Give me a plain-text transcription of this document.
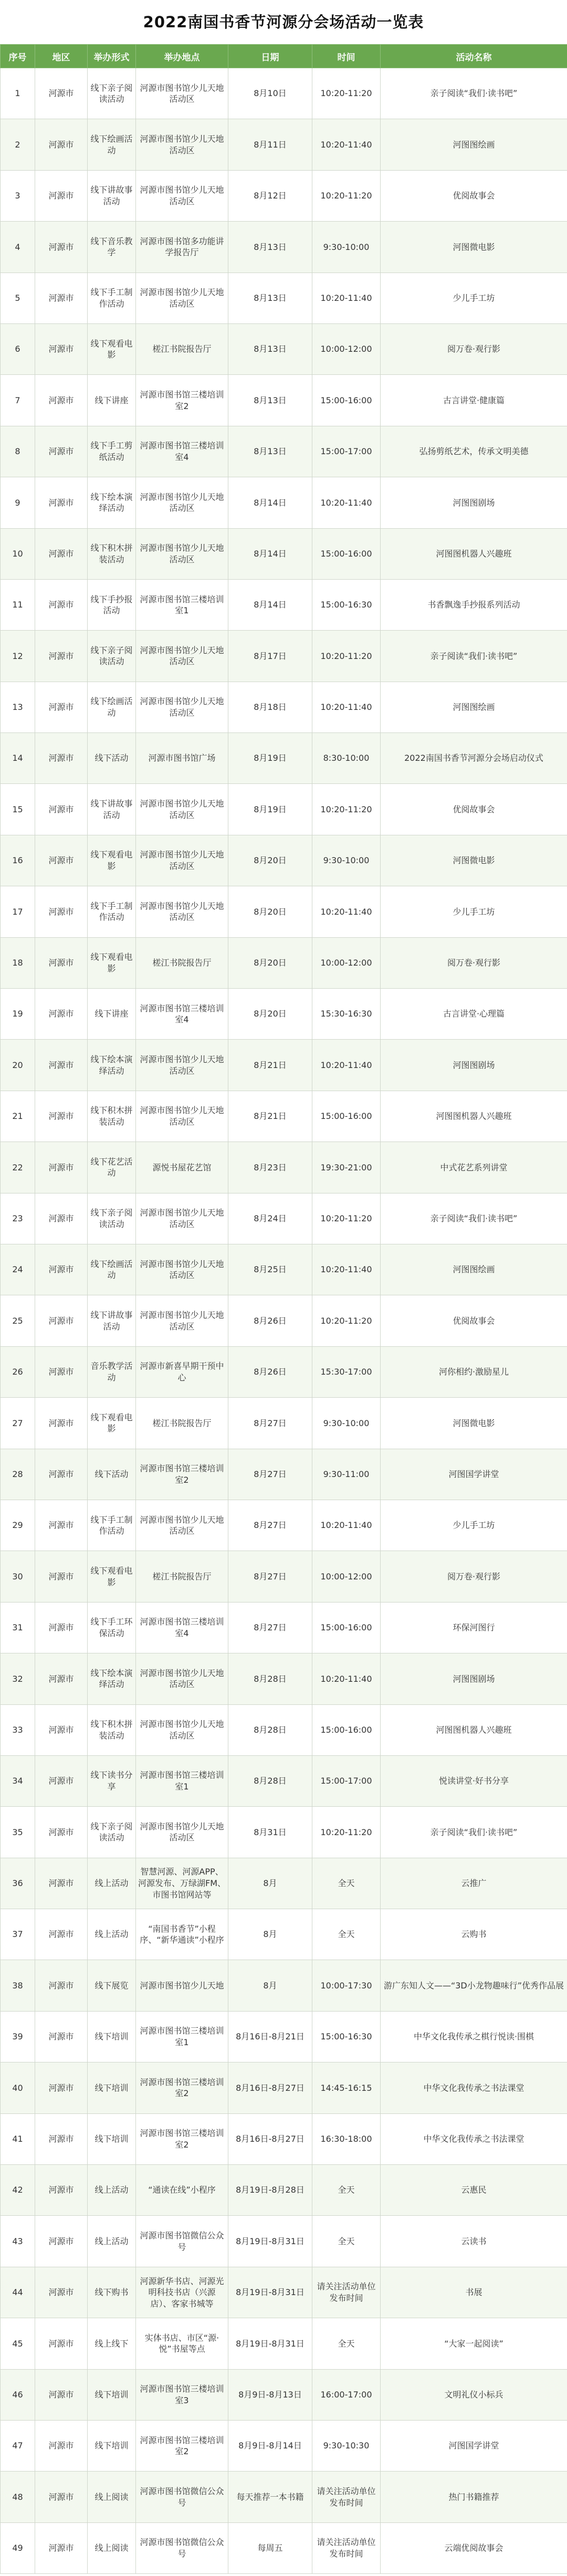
2022南国书香节河源分会场活动一览表
序号	地区	举办形式	举办地点	日期	时间	活动名称
1	河源市	线下亲子阅读活动	河源市图书馆少儿天地活动区	8月10日	10:20-11:20	亲子阅读“我们·读书吧”
2	河源市	线下绘画活动	河源市图书馆少儿天地活动区	8月11日	10:20-11:40	河图图绘画
3	河源市	线下讲故事活动	河源市图书馆少儿天地活动区	8月12日	10:20-11:20	优阅故事会
4	河源市	线下音乐教学	河源市图书馆多功能讲学报告厅	8月13日	9:30-10:00	河图微电影
5	河源市	线下手工制作活动	河源市图书馆少儿天地活动区	8月13日	10:20-11:40	少儿手工坊
6	河源市	线下观看电影	槎江书院报告厅	8月13日	10:00-12:00	阅万卷·观行影
7	河源市	线下讲座	河源市图书馆三楼培训室2	8月13日	15:00-16:00	古言讲堂·健康篇
8	河源市	线下手工剪纸活动	河源市图书馆三楼培训室4	8月13日	15:00-17:00	弘扬剪纸艺术，传承文明美德
9	河源市	线下绘本演绎活动	河源市图书馆少儿天地活动区	8月14日	10:20-11:40	河图图剧场
10	河源市	线下积木拼装活动	河源市图书馆少儿天地活动区	8月14日	15:00-16:00	河图图机器人兴趣班
11	河源市	线下手抄报活动	河源市图书馆三楼培训室1	8月14日	15:00-16:30	书香飘逸手抄报系列活动
12	河源市	线下亲子阅读活动	河源市图书馆少儿天地活动区	8月17日	10:20-11:20	亲子阅读“我们·读书吧”
13	河源市	线下绘画活动	河源市图书馆少儿天地活动区	8月18日	10:20-11:40	河图图绘画
14	河源市	线下活动	河源市图书馆广场	8月19日	8:30-10:00	2022南国书香节河源分会场启动仪式
15	河源市	线下讲故事活动	河源市图书馆少儿天地活动区	8月19日	10:20-11:20	优阅故事会
16	河源市	线下观看电影	河源市图书馆少儿天地活动区	8月20日	9:30-10:00	河图微电影
17	河源市	线下手工制作活动	河源市图书馆少儿天地活动区	8月20日	10:20-11:40	少儿手工坊
18	河源市	线下观看电影	槎江书院报告厅	8月20日	10:00-12:00	阅万卷·观行影
19	河源市	线下讲座	河源市图书馆三楼培训室4	8月20日	15:30-16:30	古言讲堂·心理篇
20	河源市	线下绘本演绎活动	河源市图书馆少儿天地活动区	8月21日	10:20-11:40	河图图剧场
21	河源市	线下积木拼装活动	河源市图书馆少儿天地活动区	8月21日	15:00-16:00	河图图机器人兴趣班
22	河源市	线下花艺活动	源悦书屋花艺馆	8月23日	19:30-21:00	中式花艺系列讲堂
23	河源市	线下亲子阅读活动	河源市图书馆少儿天地活动区	8月24日	10:20-11:20	亲子阅读“我们·读书吧”
24	河源市	线下绘画活动	河源市图书馆少儿天地活动区	8月25日	10:20-11:40	河图图绘画
25	河源市	线下讲故事活动	河源市图书馆少儿天地活动区	8月26日	10:20-11:20	优阅故事会
26	河源市	音乐教学活动	河源市新喜早期干预中心	8月26日	15:30-17:00	河你相约·激励星儿
27	河源市	线下观看电影	槎江书院报告厅	8月27日	9:30-10:00	河图微电影
28	河源市	线下活动	河源市图书馆三楼培训室2	8月27日	9:30-11:00	河图国学讲堂
29	河源市	线下手工制作活动	河源市图书馆少儿天地活动区	8月27日	10:20-11:40	少儿手工坊
30	河源市	线下观看电影	槎江书院报告厅	8月27日	10:00-12:00	阅万卷·观行影
31	河源市	线下手工环保活动	河源市图书馆三楼培训室4	8月27日	15:00-16:00	环保河图行
32	河源市	线下绘本演绎活动	河源市图书馆少儿天地活动区	8月28日	10:20-11:40	河图图剧场
33	河源市	线下积木拼装活动	河源市图书馆少儿天地活动区	8月28日	15:00-16:00	河图图机器人兴趣班
34	河源市	线下读书分享	河源市图书馆三楼培训室1	8月28日	15:00-17:00	悦读讲堂·好书分享
35	河源市	线下亲子阅读活动	河源市图书馆少儿天地活动区	8月31日	10:20-11:20	亲子阅读“我们·读书吧”
36	河源市	线上活动	智慧河源、河源APP、河源发布、万绿湖FM、市图书馆网站等	8月	全天	云推广
37	河源市	线上活动	“南国书香节”小程序、“新华通读”小程序	8月	全天	云购书
38	河源市	线下展览	河源市图书馆少儿天地	8月	10:00-17:30	游广东知人文——“3D小龙物趣味行”优秀作品展
39	河源市	线下培训	河源市图书馆三楼培训室1	8月16日-8月21日	15:00-16:30	中华文化我传承之棋行悦读·围棋
40	河源市	线下培训	河源市图书馆三楼培训室2	8月16日-8月27日	14:45-16:15	中华文化我传承之书法课堂
41	河源市	线下培训	河源市图书馆三楼培训室2	8月16日-8月27日	16:30-18:00	中华文化我传承之书法课堂
42	河源市	线上活动	“通读在线”小程序	8月19日-8月28日	全天	云惠民
43	河源市	线上活动	河源市图书馆微信公众号	8月19日-8月31日	全天	云读书
44	河源市	线下购书	河源新华书店、河源光明科技书店（兴源店）、客家书城等	8月19日-8月31日	请关注活动单位发布时间	书展
45	河源市	线上线下	实体书店、市区“源·悦”书屋等点	8月19日-8月31日	全天	“大家一起阅读”
46	河源市	线下培训	河源市图书馆三楼培训室3	8月9日-8月13日	16:00-17:00	文明礼仪小标兵
47	河源市	线下培训	河源市图书馆三楼培训室2	8月9日-8月14日	9:30-10:30	河图国学讲堂
48	河源市	线上阅读	河源市图书馆微信公众号	每天推荐一本书籍	请关注活动单位发布时间	热门书籍推荐
49	河源市	线上阅读	河源市图书馆微信公众号	每周五	请关注活动单位发布时间	云端优阅故事会
